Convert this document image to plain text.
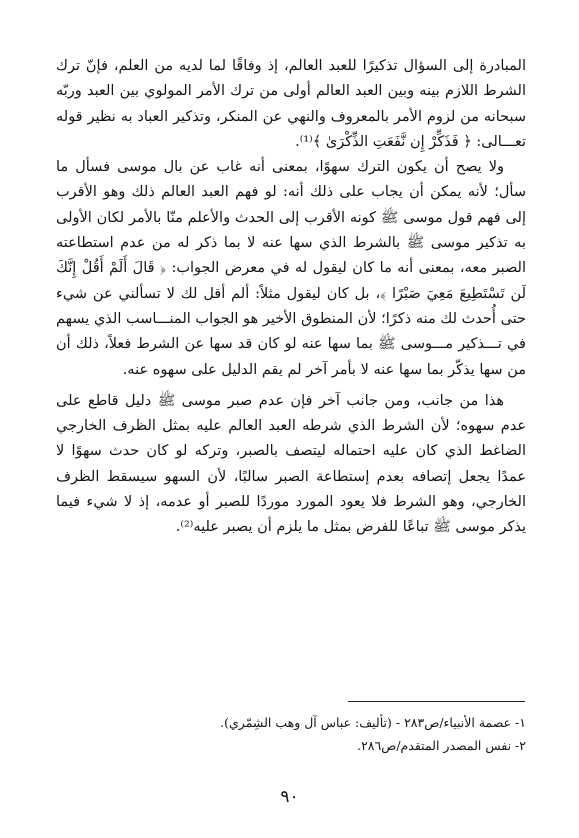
المبادرة إلى السؤال تذكيرًا للعبد العالم، إذ وفاقًا لما لديه من العلم، فإنّ ترك الشرط اللازم بينه وبين العبد العالم أولى من ترك الأمر المولوي بين العبد وربّه سبحانه من لزوم الأمر بالمعروف والنهي عن المنكر، وتذكير العباد به نظير قوله تعـــالى: ﴿ فَذَكِّرْ إِن نَّفَعَتِ الذِّكْرَىٰ ﴾⁽¹⁾.

ولا يصح أن يكون الترك سهوًا، بمعنى أنه غاب عن بال موسى فسأل ما سأل؛ لأنه يمكن أن يجاب على ذلك أنه: لو فهم العبد العالم ذلك وهو الأقرب إلى فهم قول موسى ﷺ كونه الأقرب إلى الحدث والأعلم منّا بالأمر لكان الأولى به تذكير موسى ﷺ بالشرط الذي سها عنه لا بما ذكر له من عدم استطاعته الصبر معه، بمعنى أنه ما كان ليقول له في معرض الجواب: ﴿ قَالَ أَلَمْ أَقُلْ إِنَّكَ لَن تَسْتَطِيعَ مَعِيَ صَبْرًا ﴾، بل كان ليقول مثلاً: ألم أقل لك لا تسألني عن شيء حتى أُحدث لك منه ذكرًا؛ لأن المنطوق الأخير هو الجواب المنـــاسب الذي يسهم في تـــذكير مـــوسى ﷺ بما سها عنه لو كان قد سها عن الشرط فعلاً، ذلك أن من سها يذكّر بما سها عنه لا بأمر آخر لم يقم الدليل على سهوه عنه.

هذا من جانب، ومن جانب آخر فإن عدم صبر موسى ﷺ دليل قاطع على عدم سهوه؛ لأن الشرط الذي شرطه العبد العالم عليه بمثل الظرف الخارجي الضاغط الذي كان عليه احتماله ليتصف بالصبر، وتركه لو كان حدث سهوًا لا عمدًا يجعل إتصافه بعدم إستطاعة الصبر سالبًا، لأن السهو سيسقط الظرف الخارجي، وهو الشرط فلا يعود المورد موردًا للصبر أو عدمه، إذ لا شيء فيما يذكر موسى ﷺ تباعًا للفرض بمثل ما يلزم أن يصبر عليه⁽²⁾.

١- عصمة الأنبياء/ص٢٨٣ - (تأليف: عباس آل وهب الشِمّري).
٢- نفس المصدر المتقدم/ص٢٨٦.
٩٠
